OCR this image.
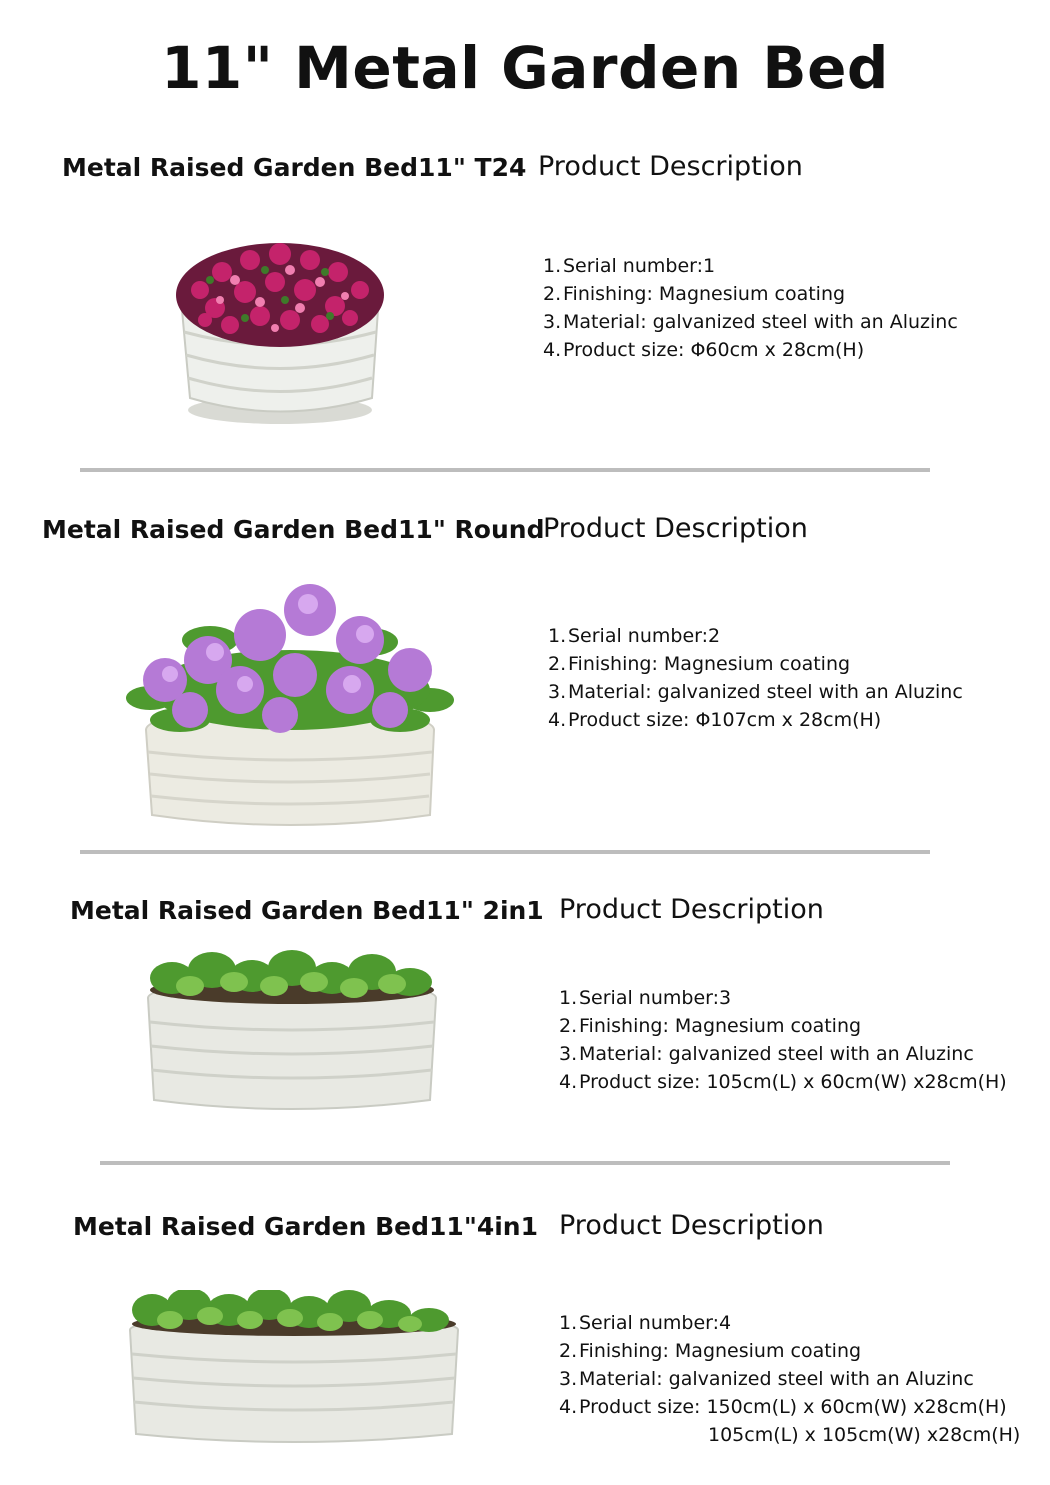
11" Metal Garden Bed
Metal Raised Garden Bed11" T24 Product Description
1.Serial number:1
2.Finishing: Magnesium coating
3.Material: galvanized steel with an Aluzinc
4.Product size: Φ60cm x 28cm(H)
Metal Raised Garden Bed11" Round
Product Description
1.Serial number:2
2.Finishing: Magnesium coating
3.Material: galvanized steel with an Aluzinc
4.Product size: Φ107cm x 28cm(H)
Metal Raised Garden Bed11" 2in1 Product Description
1.Serial number:3
2.Finishing: Magnesium coating
3.Material: galvanized steel with an Aluzinc
4.Product size: 105cm(L) x 60cm(W) x28cm(H)
Metal Raised Garden Bed11"4in1 Product Description
1.Serial number:4
2.Finishing: Magnesium coating
3.Material: galvanized steel with an Aluzinc
4.Product size: 150cm(L) x 60cm(W) x28cm(H)
105cm(L) x 105cm(W) x28cm(H)
